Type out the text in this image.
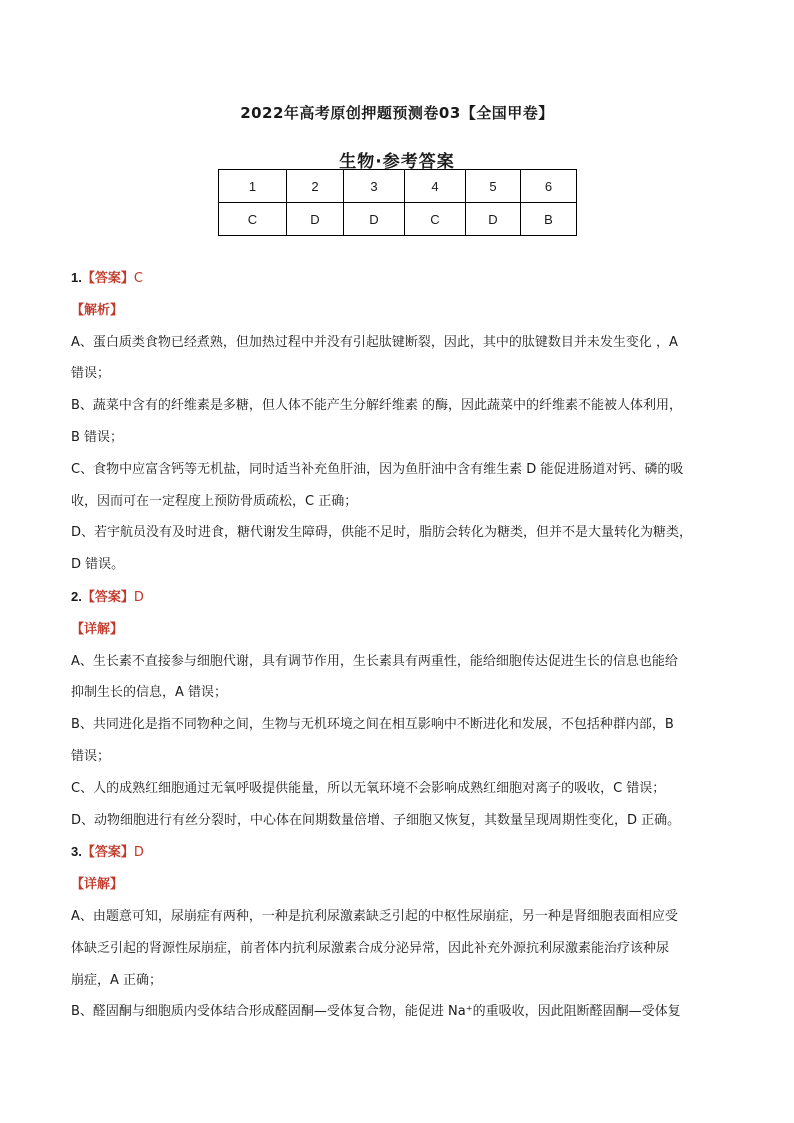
2022年高考原创押题预测卷03【全国甲卷】
生物·参考答案
1	2	3	4	5	6
C	D	D	C	D	B

1.【答案】C

【解析】

A、蛋白质类食物已经煮熟，但加热过程中并没有引起肽键断裂，因此，其中的肽键数目并未发生变化 ，A

错误；

B、蔬菜中含有的纤维素是多糖，但人体不能产生分解纤维素 的酶，因此蔬菜中的纤维素不能被人体利用，

B 错误；

C、食物中应富含钙等无机盐，同时适当补充鱼肝油，因为鱼肝油中含有维生素 D 能促进肠道对钙、磷的吸

收，因而可在一定程度上预防骨质疏松，C 正确；

D、若宇航员没有及时进食，糖代谢发生障碍，供能不足时，脂肪会转化为糖类，但并不是大量转化为糖类，

D 错误。

2.【答案】D

【详解】

A、生长素不直接参与细胞代谢，具有调节作用，生长素具有两重性，能给细胞传达促进生长的信息也能给

抑制生长的信息，A 错误；

B、共同进化是指不同物种之间，生物与无机环境之间在相互影响中不断进化和发展，不包括种群内部，B

错误；

C、人的成熟红细胞通过无氧呼吸提供能量，所以无氧环境不会影响成熟红细胞对离子的吸收，C 错误；

D、动物细胞进行有丝分裂时，中心体在间期数量倍增、子细胞又恢复，其数量呈现周期性变化，D 正确。

3.【答案】D

【详解】

A、由题意可知，尿崩症有两种，一种是抗利尿激素缺乏引起的中枢性尿崩症，另一种是肾细胞表面相应受

体缺乏引起的肾源性尿崩症，前者体内抗利尿激素合成分泌异常，因此补充外源抗利尿激素能治疗该种尿

崩症，A 正确；

B、醛固酮与细胞质内受体结合形成醛固酮—受体复合物，能促进 Na⁺的重吸收，因此阻断醛固酮—受体复
